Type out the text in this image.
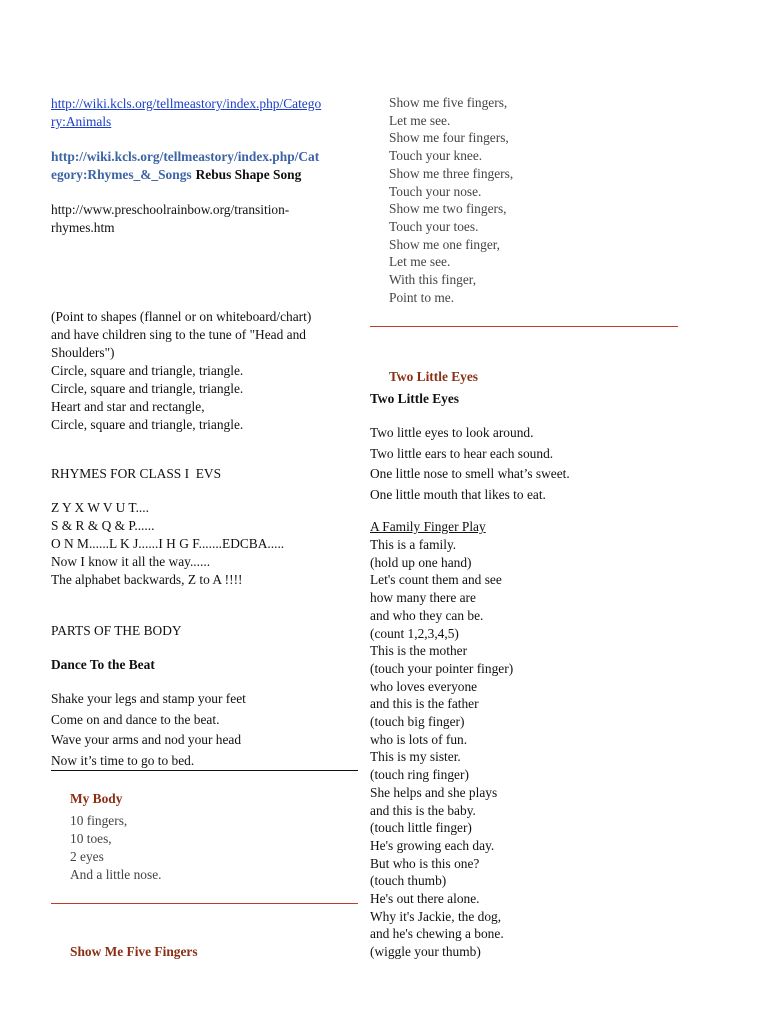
http://wiki.kcls.org/tellmeastory/index.php/Catego
ry:Animals
http://wiki.kcls.org/tellmeastory/index.php/Cat
egory:Rhymes_&_Songs Rebus Shape Song
http://www.preschoolrainbow.org/transition-
rhymes.htm
(Point to shapes (flannel or on whiteboard/chart)
and have children sing to the tune of "Head and
Shoulders")
Circle, square and triangle, triangle.
Circle, square and triangle, triangle.
Heart and star and rectangle,
Circle, square and triangle, triangle.
RHYMES FOR CLASS I  EVS
Z Y X W V U T....
S & R & Q & P......
O N M......L K J......I H G F.......EDCBA.....
Now I know it all the way......
The alphabet backwards, Z to A !!!!
PARTS OF THE BODY
Dance To the Beat
Shake your legs and stamp your feet
Come on and dance to the beat.
Wave your arms and nod your head
Now it’s time to go to bed.
My Body
10 fingers,
10 toes,
2 eyes
And a little nose.
Show Me Five Fingers
Show me five fingers,
Let me see.
Show me four fingers,
Touch your knee.
Show me three fingers,
Touch your nose.
Show me two fingers,
Touch your toes.
Show me one finger,
Let me see.
With this finger,
Point to me.
Two Little Eyes
Two Little Eyes
Two little eyes to look around.
Two little ears to hear each sound.
One little nose to smell what’s sweet.
One little mouth that likes to eat.
A Family Finger Play
This is a family.
(hold up one hand)
Let's count them and see
how many there are
and who they can be.
(count 1,2,3,4,5)
This is the mother
(touch your pointer finger)
who loves everyone
and this is the father
(touch big finger)
who is lots of fun.
This is my sister.
(touch ring finger)
She helps and she plays
and this is the baby.
(touch little finger)
He's growing each day.
But who is this one?
(touch thumb)
He's out there alone.
Why it's Jackie, the dog,
and he's chewing a bone.
(wiggle your thumb)
